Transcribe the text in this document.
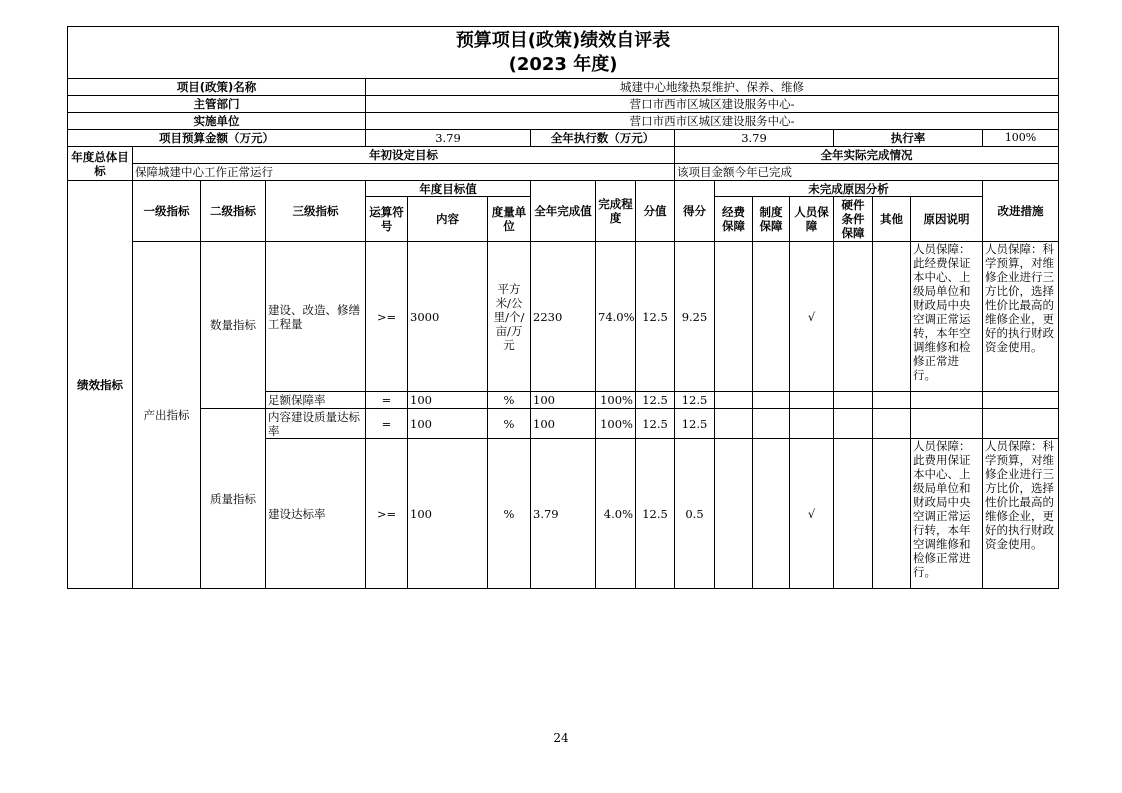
预算项目(政策)绩效自评表
(2023 年度)																	

项目(政策)名称				城建中心地缘热泵维护、保养、维修													
主管部门				营口市西市区城区建设服务中心-													
实施单位				营口市西市区城区建设服务中心-													
项目预算金额（万元）				3.79			全年执行数（万元）			3.79				执行率			100%
年度总体目标	年初设定目标									全年实际完成情况							
	保障城建中心工作正常运行									该项目金额今年已完成							
绩效指标	一级指标	二级指标	三级指标	年度目标值			全年完成值	完成程度	分值	得分	未完成原因分析						改进措施
				运算符号	内容	度量单位					经费保障	制度保障	人员保障	硬件条件保障	其他	原因说明	
	产出指标	数量指标	建设、改造、修缮工程量	>=	3000	平方米/公里/个/亩/万元	2230	74.0%	12.5	9.25			√			人员保障：此经费保证本中心、上级局单位和财政局中央空调正常运转，本年空调维修和检修正常进行。	人员保障：科学预算，对维修企业进行三方比价，选择性价比最高的维修企业，更好的执行财政资金使用。
			足额保障率	=	100	%	100	100%	12.5	12.5							
		质量指标	内容建设质量达标率	=	100	%	100	100%	12.5	12.5							
			建设达标率	>=	100	%	3.79	4.0%	12.5	0.5			√			人员保障：此费用保证本中心、上级局单位和财政局中央空调正常运行转，本年空调维修和检修正常进行。	人员保障：科学预算，对维修企业进行三方比价，选择性价比最高的维修企业，更好的执行财政资金使用。
24
